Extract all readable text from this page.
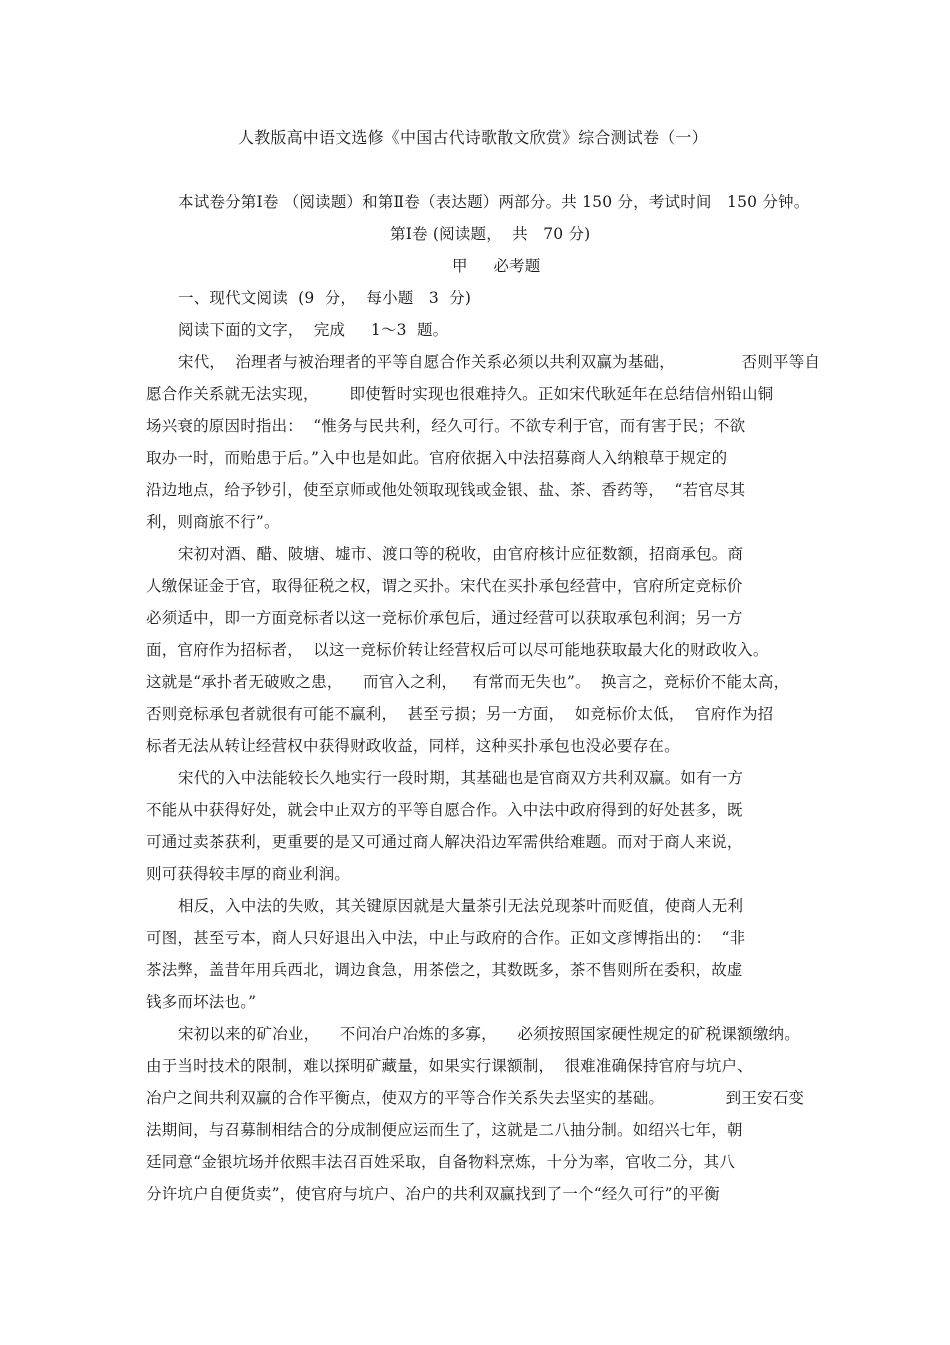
人教版高中语文选修《中国古代诗歌散文欣赏》综合测试卷（一）
本试卷分第Ⅰ卷 （阅读题）和第Ⅱ卷（表达题）两部分。共 150 分，考试时间   150 分钟。
第Ⅰ卷 (阅读题，  共   70 分)
甲     必考题
一、现代文阅读  (9  分，  每小题   3  分)
阅读下面的文字，  完成     1～3  题。
宋代，  治理者与被治理者的平等自愿合作关系必须以共利双赢为基础，             否则平等自
愿合作关系就无法实现，      即使暂时实现也很难持久。正如宋代耿延年在总结信州铅山铜
场兴衰的原因时指出：  “惟务与民共利，经久可行。不欲专利于官，而有害于民；不欲
取办一时，而贻患于后。”入中也是如此。官府依据入中法招募商人入纳粮草于规定的
沿边地点，给予钞引，使至京师或他处领取现钱或金银、盐、茶、香药等，  “若官尽其
利，则商旅不行”。
宋初对酒、醋、陂塘、墟市、渡口等的税收，由官府核计应征数额，招商承包。商
人缴保证金于官，取得征税之权，谓之买扑。宋代在买扑承包经营中，官府所定竞标价
必须适中，即一方面竞标者以这一竞标价承包后，通过经营可以获取承包利润；另一方
面，官府作为招标者，  以这一竞标价转让经营权后可以尽可能地获取最大化的财政收入。
这就是“承扑者无破败之患，    而官入之利，   有常而无失也”。  换言之，竞标价不能太高，
否则竞标承包者就很有可能不赢利，  甚至亏损；另一方面，  如竞标价太低，  官府作为招
标者无法从转让经营权中获得财政收益，同样，这种买扑承包也没必要存在。
宋代的入中法能较长久地实行一段时期，其基础也是官商双方共利双赢。如有一方
不能从中获得好处，就会中止双方的平等自愿合作。入中法中政府得到的好处甚多，既
可通过卖茶获利，更重要的是又可通过商人解决沿边军需供给难题。而对于商人来说，
则可获得较丰厚的商业利润。
相反，入中法的失败，其关键原因就是大量茶引无法兑现茶叶而贬值，使商人无利
可图，甚至亏本，商人只好退出入中法，中止与政府的合作。正如文彦博指出的：  “非
茶法弊，盖昔年用兵西北，调边食急，用茶偿之，其数既多，茶不售则所在委积，故虚
钱多而坏法也。”
宋初以来的矿冶业，    不问冶户冶炼的多寡，    必须按照国家硬性规定的矿税课额缴纳。
由于当时技术的限制，难以探明矿藏量，如果实行课额制，  很难准确保持官府与坑户、
冶户之间共利双赢的合作平衡点，使双方的平等合作关系失去坚实的基础。            到王安石变
法期间，与召募制相结合的分成制便应运而生了，这就是二八抽分制。如绍兴七年，朝
廷同意“金银坑场并依熙丰法召百姓采取，自备物料烹炼，十分为率，官收二分，其八
分许坑户自便货卖”，使官府与坑户、冶户的共利双赢找到了一个“经久可行”的平衡
